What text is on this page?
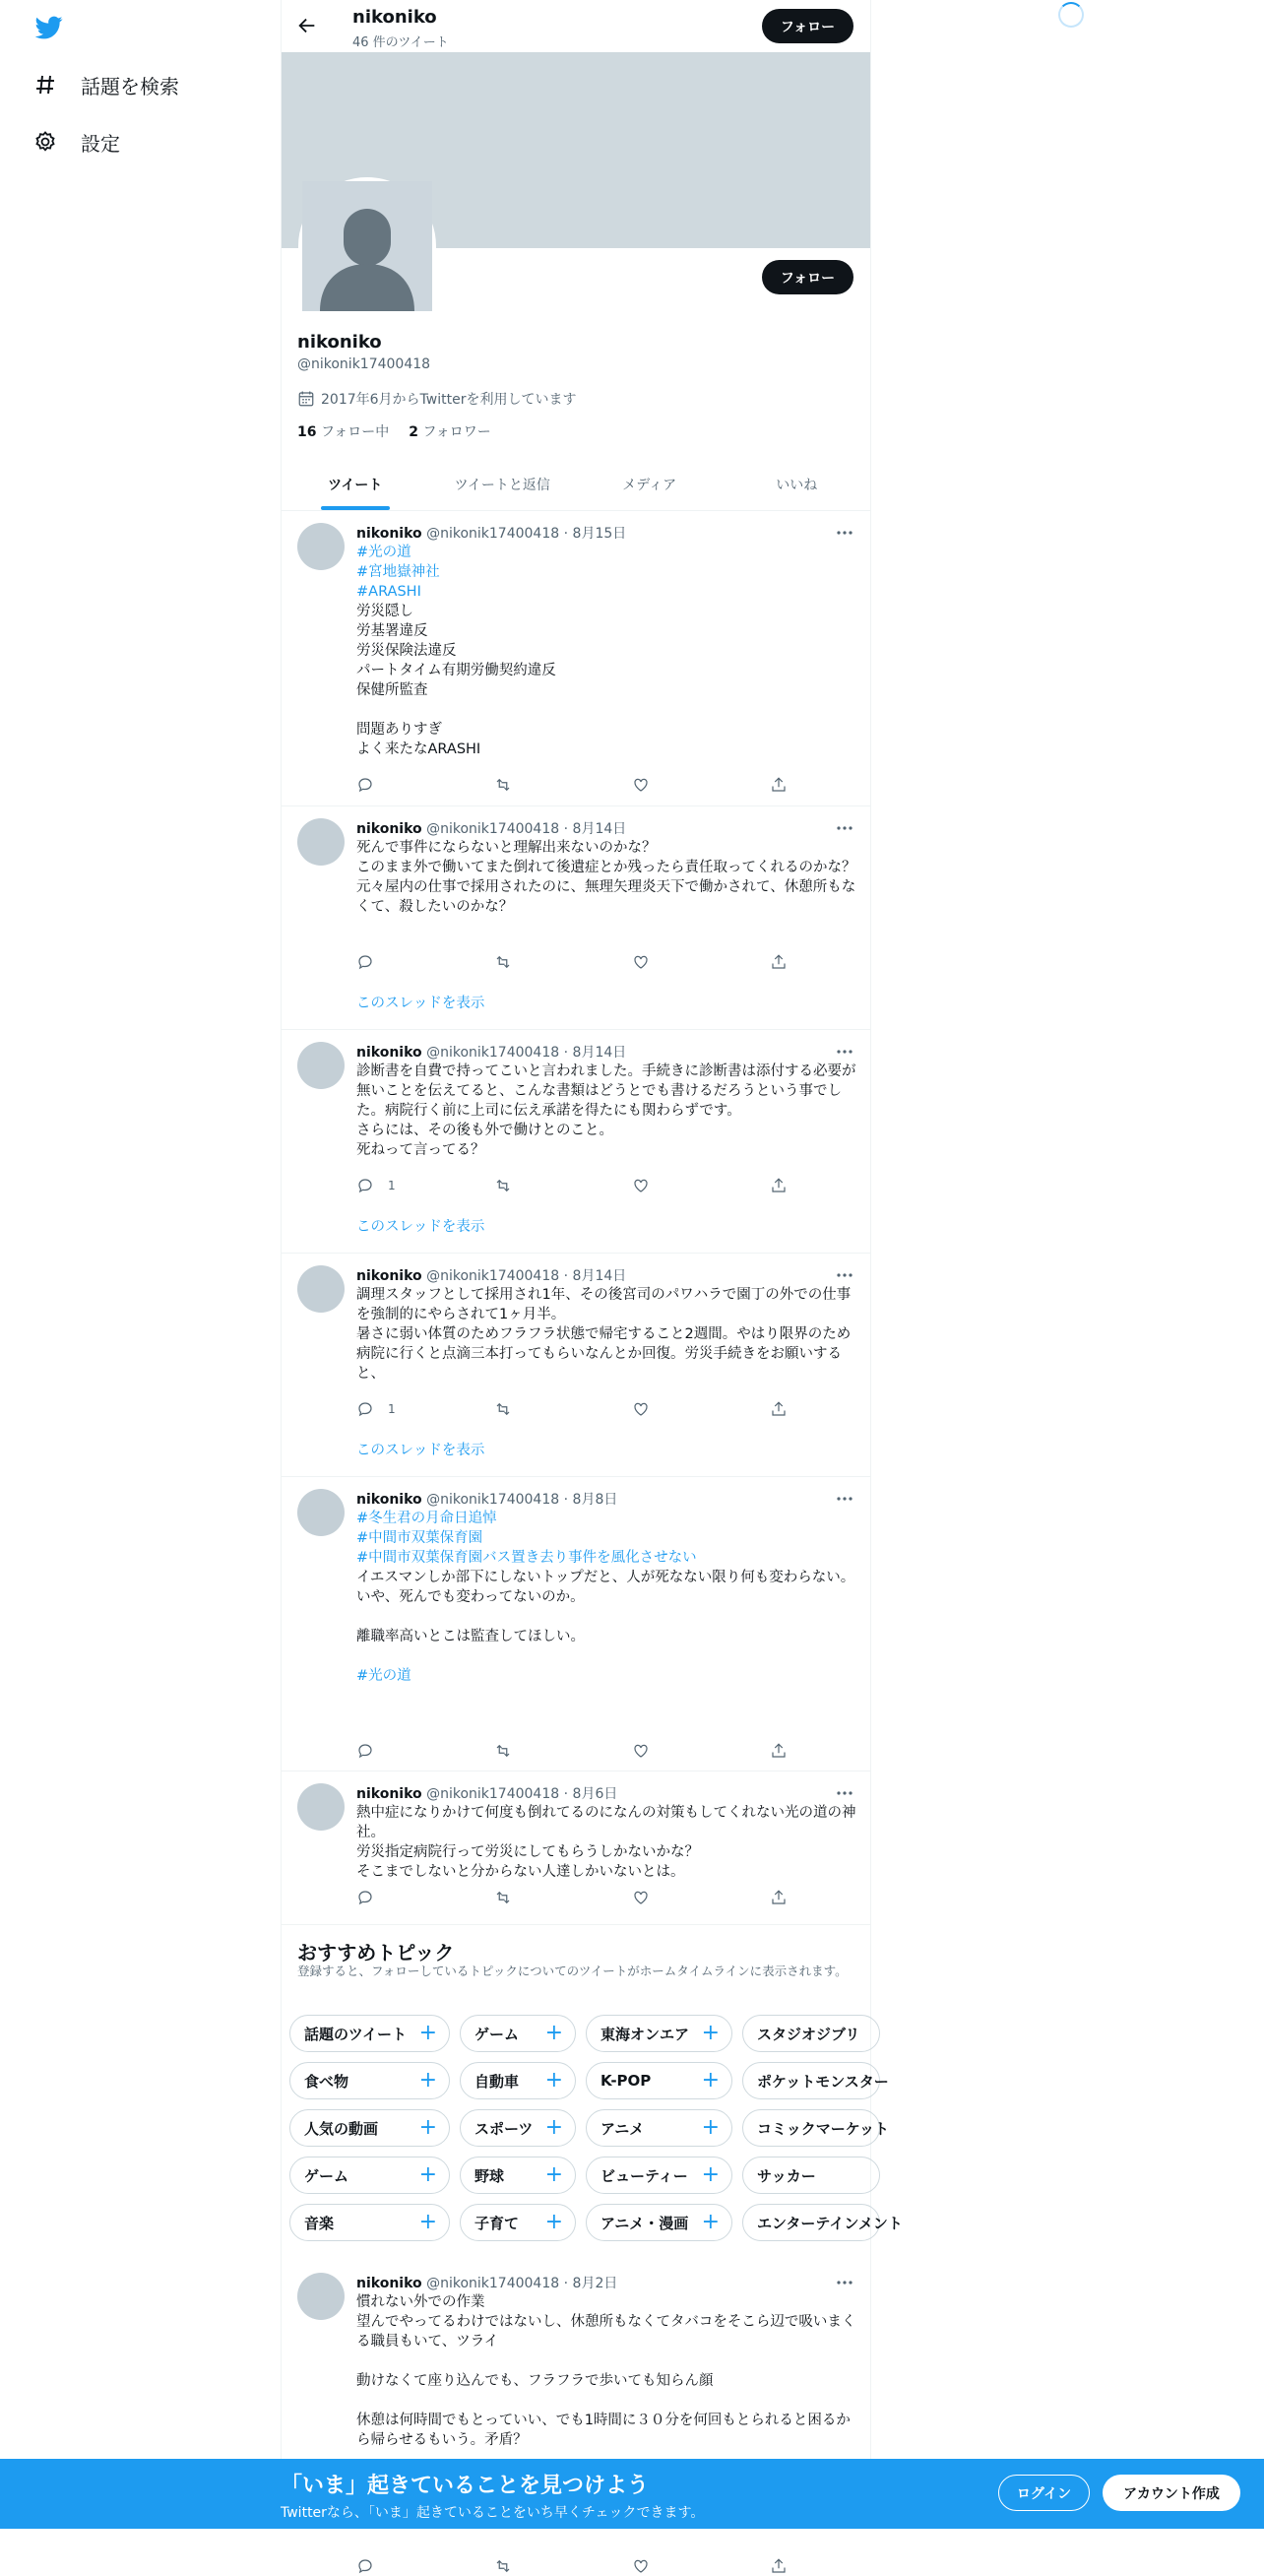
話題を検索
設定
nikoniko
46 件のツイート
フォロー
フォロー
nikoniko
@nikonik17400418
2017年6月からTwitterを利用しています
16 フォロー中 2 フォロワー
ツイート	ツイートと返信	メディア	いいね
nikoniko @nikonik17400418 · 8月15日
#光の道
#宮地嶽神社
#ARASHI
労災隠し
労基署違反
労災保険法違反
パートタイム有期労働契約違反
保健所監査

問題ありすぎ
よく来たなARASHI
nikoniko @nikonik17400418 · 8月14日
死んで事件にならないと理解出来ないのかな？
このまま外で働いてまた倒れて後遺症とか残ったら責任取ってくれるのかな？
元々屋内の仕事で採用されたのに、無理矢理炎天下で働かされて、休憩所もなくて、殺したいのかな？
このスレッドを表示
nikoniko @nikonik17400418 · 8月14日
診断書を自費で持ってこいと言われました。手続きに診断書は添付する必要が無いことを伝えてると、こんな書類はどうとでも書けるだろうという事でした。病院行く前に上司に伝え承諾を得たにも関わらずです。
さらには、その後も外で働けとのこと。
死ねって言ってる？
1
このスレッドを表示
nikoniko @nikonik17400418 · 8月14日
調理スタッフとして採用され1年、その後宮司のパワハラで園丁の外での仕事を強制的にやらされて1ヶ月半。
暑さに弱い体質のためフラフラ状態で帰宅すること2週間。やはり限界のため病院に行くと点滴三本打ってもらいなんとか回復。労災手続きをお願いすると、
1
このスレッドを表示
nikoniko @nikonik17400418 · 8月8日
#冬生君の月命日追悼
#中間市双葉保育園
#中間市双葉保育園バス置き去り事件を風化させない
イエスマンしか部下にしないトップだと、人が死なない限り何も変わらない。
いや、死んでも変わってないのか。

離職率高いとこは監査してほしい。

#光の道
nikoniko @nikonik17400418 · 8月6日
熱中症になりかけて何度も倒れてるのになんの対策もしてくれない光の道の神社。
労災指定病院行って労災にしてもらうしかないかな？
そこまでしないと分からない人達しかいないとは。
nikoniko @nikonik17400418 · 8月2日
慣れない外での作業
望んでやってるわけではないし、休憩所もなくてタバコをそこら辺で吸いまくる職員もいて、ツライ

動けなくて座り込んでも、フラフラで歩いても知らん顔

休憩は何時間でもとっていい、でも1時間に３０分を何回もとられると困るから帰らせるもいう。矛盾？
おすすめトピック
登録すると、フォローしているトピックについてのツイートがホームタイムラインに表示されます。
話題のツイート +	ゲーム +	東海オンエア +	スタジオジブリ
食べ物	+	自動車 +	K-POP +	ポケットモンスター
人気の動画 +	スポーツ +	アニメ	+	コミックマーケット
ゲーム	+	野球 +	ビューティー +	サッカー
音楽	+	子育て +	アニメ・漫画 +	エンターテインメント
「いま」起きていることを見つけよう
Twitterなら、「いま」起きていることをいち早くチェックできます。
ログイン	アカウント作成
